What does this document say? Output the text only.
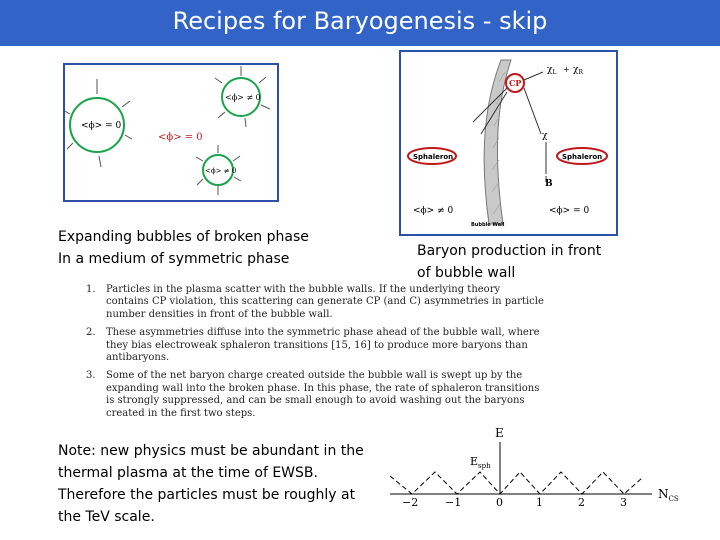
Recipes for Baryogenesis - skip
<ϕ> = 0
<ϕ> = 0
<ϕ> ≠ 0
<ϕ> ≠ 0
Expanding bubbles of broken phase
In a medium of symmetric phase
CP
$\chi_L + \chi_R$
χ
Sphaleron	Sphaleron
B
<ϕ> ≠ 0	<ϕ> = 0
Bubble Wall
Baryon production in front
of bubble wall
1. Particles in the plasma scatter with the bubble walls. If the underlying theory contains CP violation, this scattering can generate CP (and C) asymmetries in particle number densities in front of the bubble wall.
2. These asymmetries diffuse into the symmetric phase ahead of the bubble wall, where they bias electroweak sphaleron transitions [15, 16] to produce more baryons than antibaryons.
3. Some of the net baryon charge created outside the bubble wall is swept up by the expanding wall into the broken phase. In this phase, the rate of sphaleron transitions is strongly suppressed, and can be small enough to avoid washing out the baryons created in the first two steps.
Note: new physics must be abundant in the
thermal plasma at the time of EWSB.
Therefore the particles must be roughly at
the TeV scale.
E
$E_{sph}$
−2 −1	0	1	2	3
$N_{CS}$
